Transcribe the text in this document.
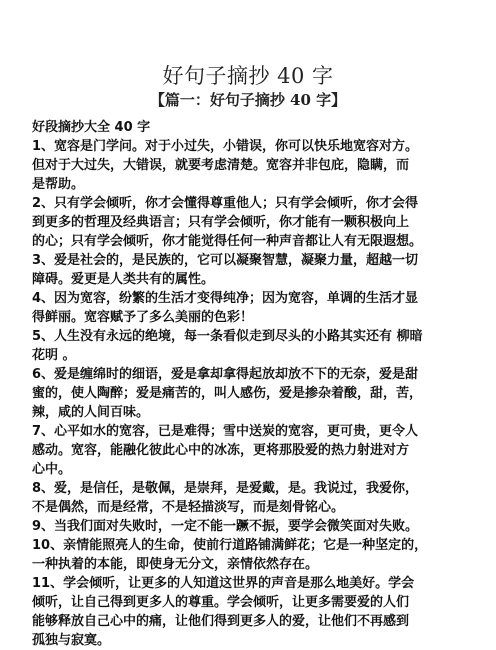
好句子摘抄 40 字
【篇一：好句子摘抄 40 字】
好段摘抄大全 40 字
1、宽容是门学问。对于小过失，小错误，你可以快乐地宽容对方。
但对于大过失，大错误，就要考虑清楚。宽容并非包庇，隐瞒，而
是帮助。
2、只有学会倾听，你才会懂得尊重他人；只有学会倾听，你才会得
到更多的哲理及经典语言；只有学会倾听，你才能有一颗积极向上
的心；只有学会倾听，你才能觉得任何一种声音都让人有无限遐想。
3、爱是社会的，是民族的，它可以凝聚智慧，凝聚力量，超越一切
障碍。爱更是人类共有的属性。
4、因为宽容，纷繁的生活才变得纯净；因为宽容，单调的生活才显
得鲜丽。宽容赋予了多么美丽的色彩！
5、人生没有永远的绝境，每一条看似走到尽头的小路其实还有 柳暗
花明 。
6、爱是缠绵时的细语，爱是拿却拿得起放却放不下的无奈，爱是甜
蜜的，使人陶醉；爱是痛苦的，叫人感伤，爱是掺杂着酸，甜，苦，
辣，咸的人间百味。
7、心平如水的宽容，已是难得；雪中送炭的宽容，更可贵，更令人
感动。宽容，能融化彼此心中的冰冻，更将那股爱的热力射进对方
心中。
8、爱，是信任，是敬佩，是崇拜，是爱戴，是。我说过，我爱你，
不是偶然，而是经常，不是轻描淡写，而是刻骨铭心。
9、当我们面对失败时，一定不能一蹶不振，要学会微笑面对失败。
10、亲情能照亮人的生命，使前行道路铺满鲜花；它是一种坚定的，
一种执着的本能，即使身无分文，亲情依然存在。
11、学会倾听，让更多的人知道这世界的声音是那么地美好。学会
倾听，让自己得到更多人的尊重。学会倾听，让更多需要爱的人们
能够释放自己心中的痛，让他们得到更多人的爱，让他们不再感到
孤独与寂寞。
